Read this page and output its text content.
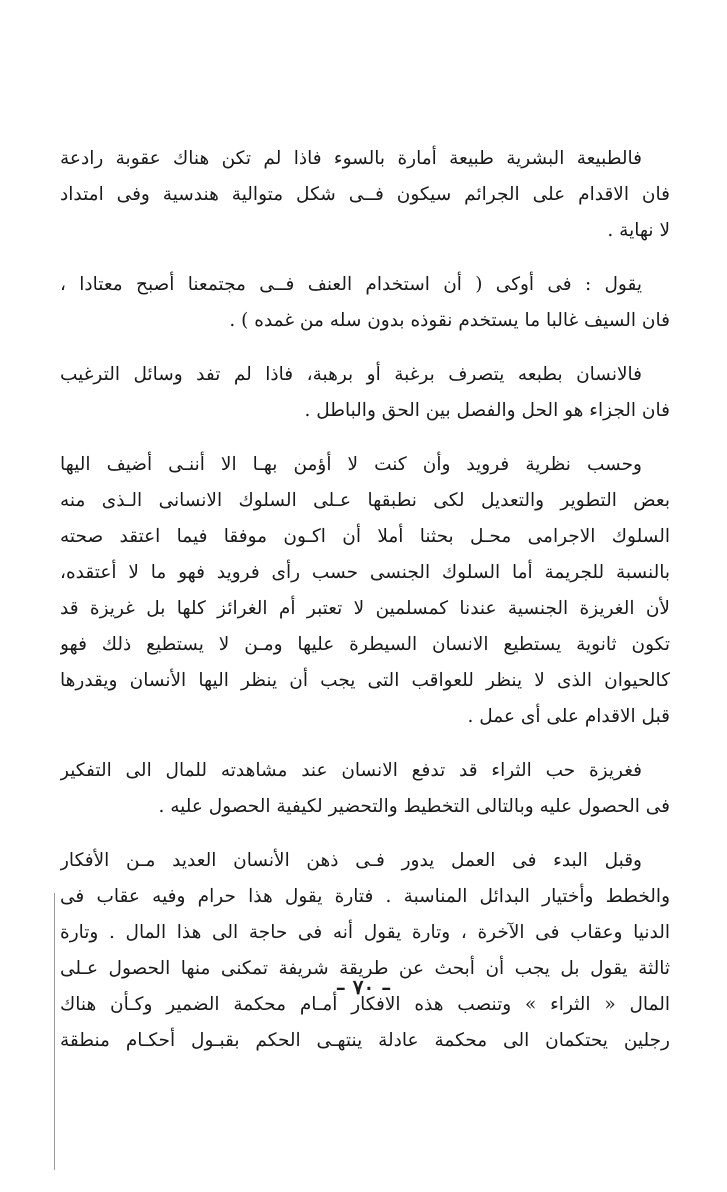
فالطبيعة البشرية طبيعة أمارة بالسوء فاذا لم تكن هناك عقوبة رادعة
فان الاقدام على الجرائم سيكون فــى شكل متوالية هندسية وفى امتداد
لا نهاية .
يقول : فى أوكى ( أن استخدام العنف فــى مجتمعنا أصبح معتادا ،
فان السيف غالبا ما يستخدم نقوذه بدون سله من غمده ) .
فالانسان بطبعه يتصرف برغبة أو برهبة، فاذا لم تفد وسائل الترغيب
فان الجزاء هو الحل والفصل بين الحق والباطل .
وحسب نظرية فرويد وأن كنت لا أؤمن بهـا الا أننـى أضيف اليها
بعض التطوير والتعديل لكى نطبقها عـلى السلوك الانسانى الـذى منه
السلوك الاجرامى محـل بحثنا أملا أن اكـون موفقا فيما اعتقد صحته
بالنسبة للجريمة أما السلوك الجنسى حسب رأى فرويد فهو ما لا أعتقده،
لأن الغريزة الجنسية عندنا كمسلمين لا تعتبر أم الغرائز كلها بل غريزة قد
تكون ثانوية يستطيع الانسان السيطرة عليها ومـن لا يستطيع ذلك فهو
كالحيوان الذى لا ينظر للعواقب التى يجب أن ينظر اليها الأنسان ويقدرها
قبل الاقدام على أى عمل .
فغريزة حب الثراء قد تدفع الانسان عند مشاهدته للمال الى التفكير
فى الحصول عليه وبالتالى التخطيط والتحضير لكيفية الحصول عليه .
وقبل البدء فى العمل يدور فـى ذهن الأنسان العديد مـن الأفكار
والخطط وأختيار البدائل المناسبة . فتارة يقول هذا حرام وفيه عقاب فى
الدنيا وعقاب فى الآخرة ، وتارة يقول أنه فى حاجة الى هذا المال . وتارة
ثالثة يقول بل يجب أن أبحث عن طريقة شريفة تمكنى منها الحصول عـلى
المال « الثراء » وتنصب هذه الافكار أمـام محكمة الضمير وكـأن هناك
رجلين يحتكمان الى محكمة عادلة ينتهـى الحكم بقبـول أحكـام منطقة
– ٧٠ –
